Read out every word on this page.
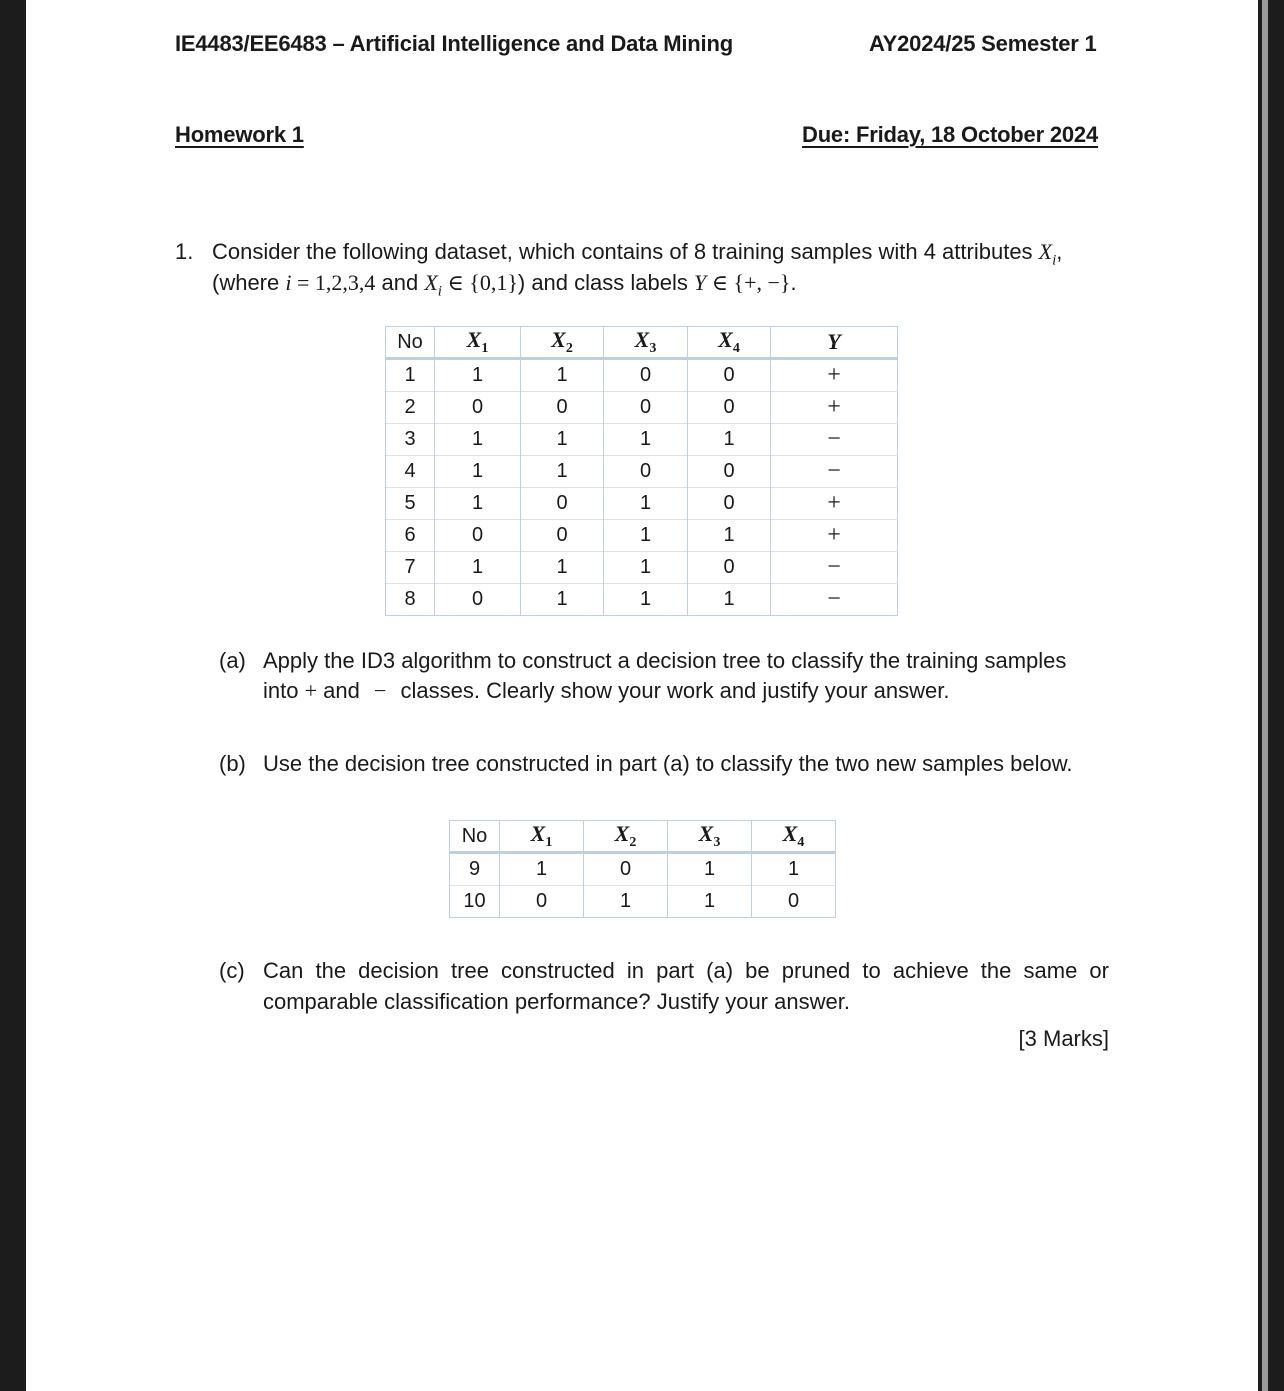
IE4483/EE6483 – Artificial Intelligence and Data Mining	AY2024/25 Semester 1
Homework 1	Due: Friday, 18 October 2024
1. Consider the following dataset, which contains of 8 training samples with 4 attributes $X_i$,
(where i = 1,2,3,4 and $X_i$ ∈ {0,1}) and class labels Y ∈ {+, −}.
No	$X_1$	$X_2$	$X_3$	$X_4$	Y
1	1	1	0	0	+
2	0	0	0	0	+
3	1	1	1	1	−
4	1	1	0	0	−
5	1	0	1	0	+
6	0	0	1	1	+
7	1	1	1	0	−
8	0	1	1	1	−
(a) Apply the ID3 algorithm to construct a decision tree to classify the training samples
into + and − classes. Clearly show your work and justify your answer.
(b) Use the decision tree constructed in part (a) to classify the two new samples below.
No	$X_1$	$X_2$	$X_3$	$X_4$
9	1	0	1	1
10	0	1	1	0
(c) Can the decision tree constructed in part (a) be pruned to achieve the same or
comparable classification performance? Justify your answer.
[3 Marks]
